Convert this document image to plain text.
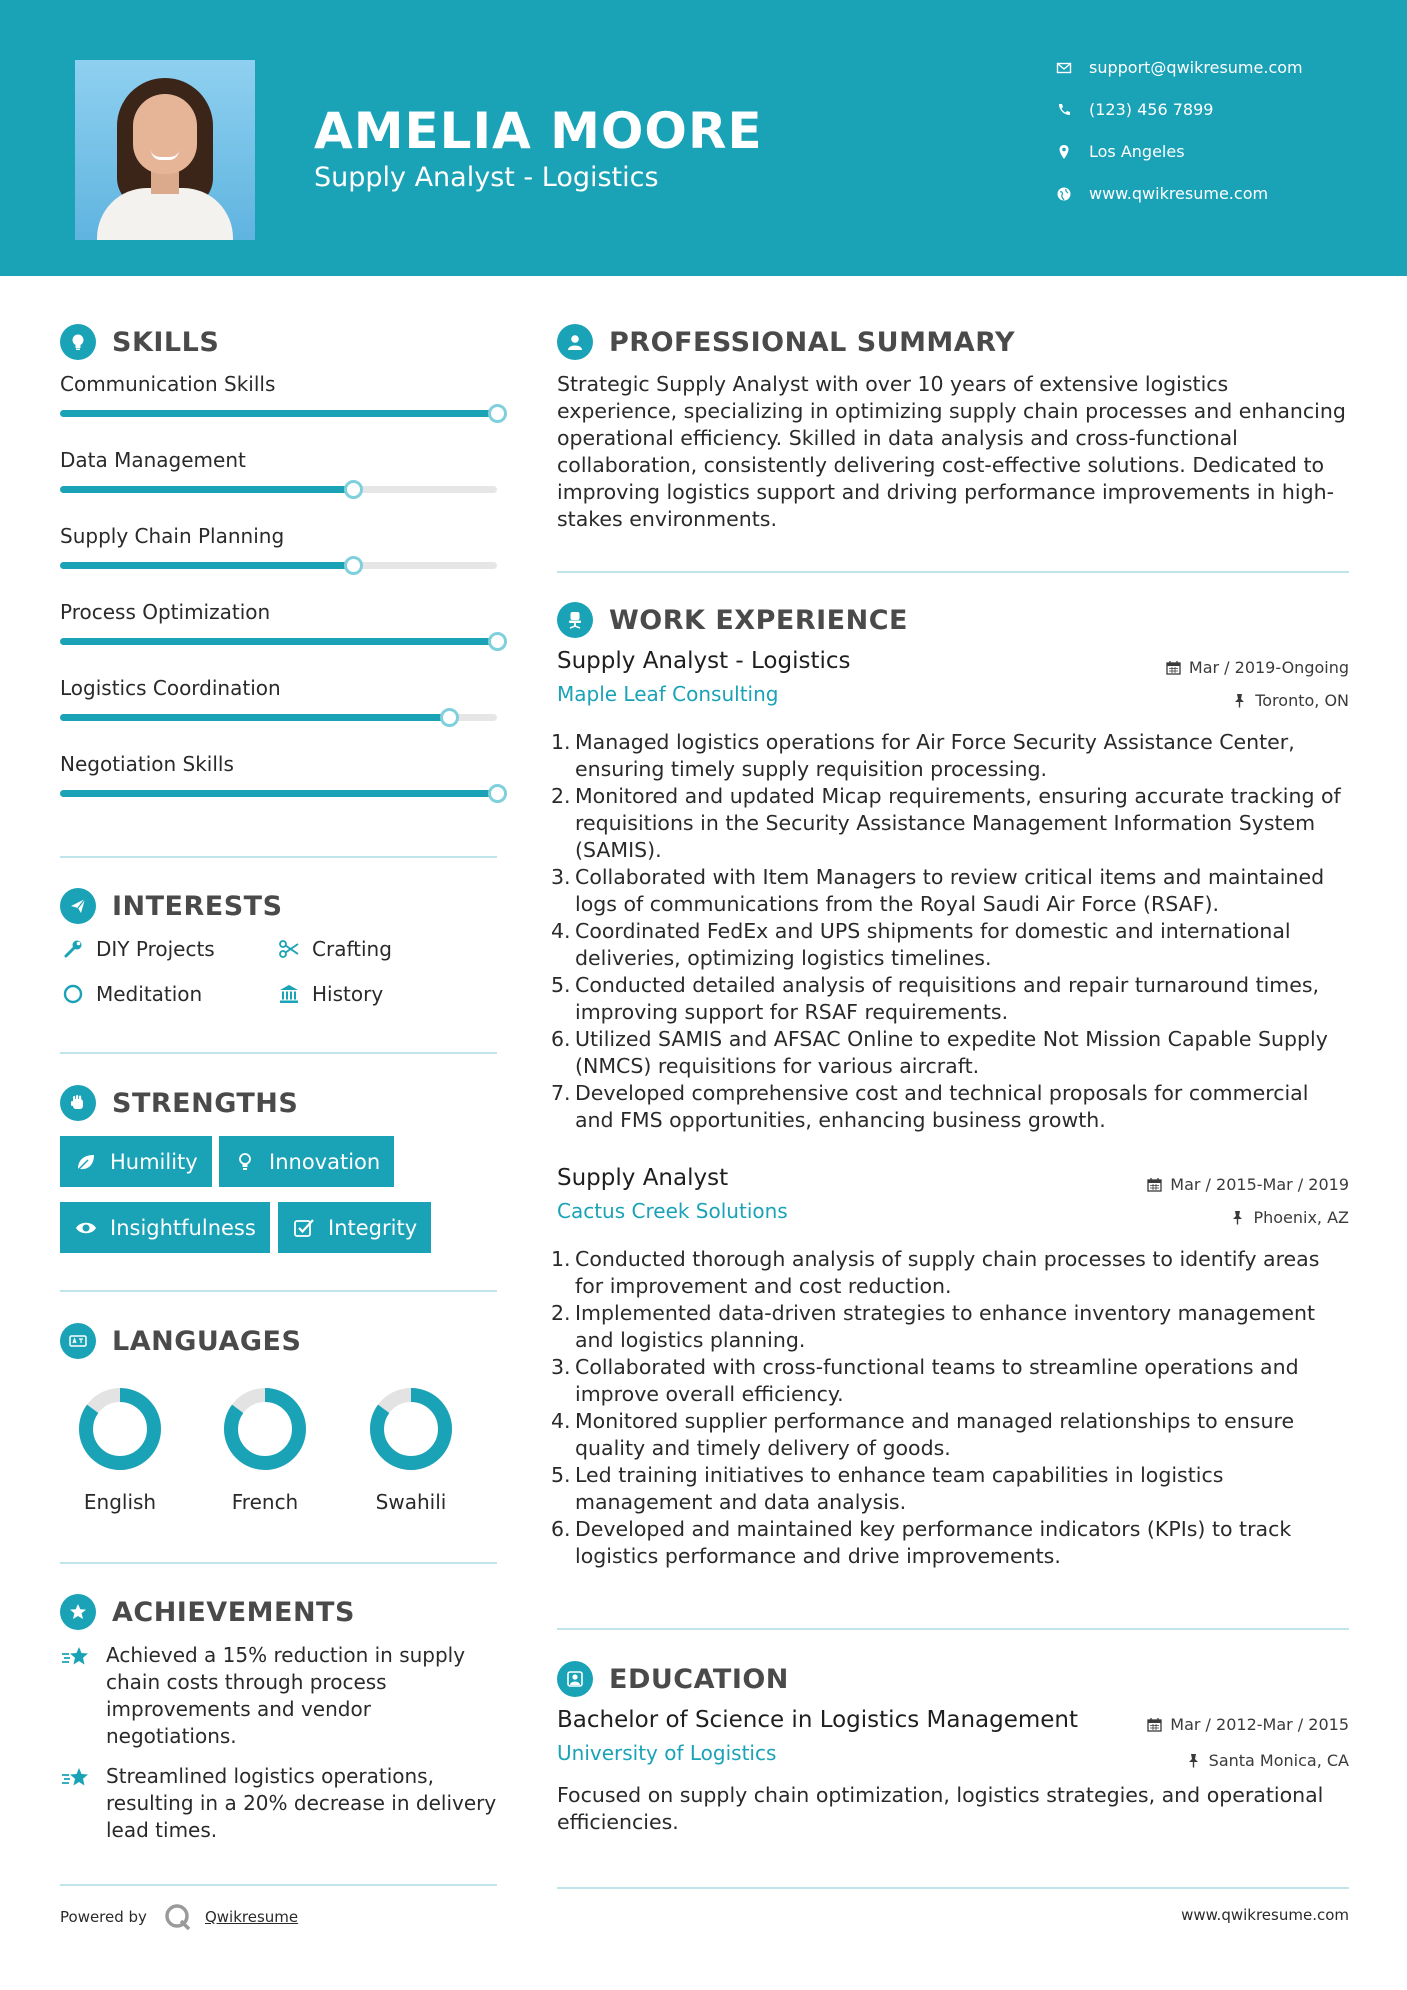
AMELIA MOORE
Supply Analyst - Logistics
support@qwikresume.com
(123) 456 7899
Los Angeles
www.qwikresume.com
SKILLS
Communication Skills
Data Management
Supply Chain Planning
Process Optimization
Logistics Coordination
Negotiation Skills
INTERESTS
DIY Projects	Crafting
Meditation	History
STRENGTHS
Humility	Innovation
Insightfulness	Integrity
LANGUAGES
English	French	Swahili
ACHIEVEMENTS
Achieved a 15% reduction in supply chain costs through process improvements and vendor negotiations.
Streamlined logistics operations, resulting in a 20% decrease in delivery lead times.
PROFESSIONAL SUMMARY
Strategic Supply Analyst with over 10 years of extensive logistics experience, specializing in optimizing supply chain processes and enhancing operational efficiency. Skilled in data analysis and cross-functional collaboration, consistently delivering cost-effective solutions. Dedicated to improving logistics support and driving performance improvements in high-stakes environments.
WORK EXPERIENCE
Supply Analyst - Logistics
Maple Leaf Consulting
Mar / 2019-Ongoing
Toronto, ON
1. Managed logistics operations for Air Force Security Assistance Center, ensuring timely supply requisition processing.
2. Monitored and updated Micap requirements, ensuring accurate tracking of requisitions in the Security Assistance Management Information System (SAMIS).
3. Collaborated with Item Managers to review critical items and maintained logs of communications from the Royal Saudi Air Force (RSAF).
4. Coordinated FedEx and UPS shipments for domestic and international deliveries, optimizing logistics timelines.
5. Conducted detailed analysis of requisitions and repair turnaround times, improving support for RSAF requirements.
6. Utilized SAMIS and AFSAC Online to expedite Not Mission Capable Supply (NMCS) requisitions for various aircraft.
7. Developed comprehensive cost and technical proposals for commercial and FMS opportunities, enhancing business growth.
Supply Analyst
Cactus Creek Solutions
Mar / 2015-Mar / 2019
Phoenix, AZ
1. Conducted thorough analysis of supply chain processes to identify areas for improvement and cost reduction.
2. Implemented data-driven strategies to enhance inventory management and logistics planning.
3. Collaborated with cross-functional teams to streamline operations and improve overall efficiency.
4. Monitored supplier performance and managed relationships to ensure quality and timely delivery of goods.
5. Led training initiatives to enhance team capabilities in logistics management and data analysis.
6. Developed and maintained key performance indicators (KPIs) to track logistics performance and drive improvements.
EDUCATION
Bachelor of Science in Logistics Management
University of Logistics
Mar / 2012-Mar / 2015
Santa Monica, CA
Focused on supply chain optimization, logistics strategies, and operational efficiencies.
Powered by	Qwikresume	www.qwikresume.com
